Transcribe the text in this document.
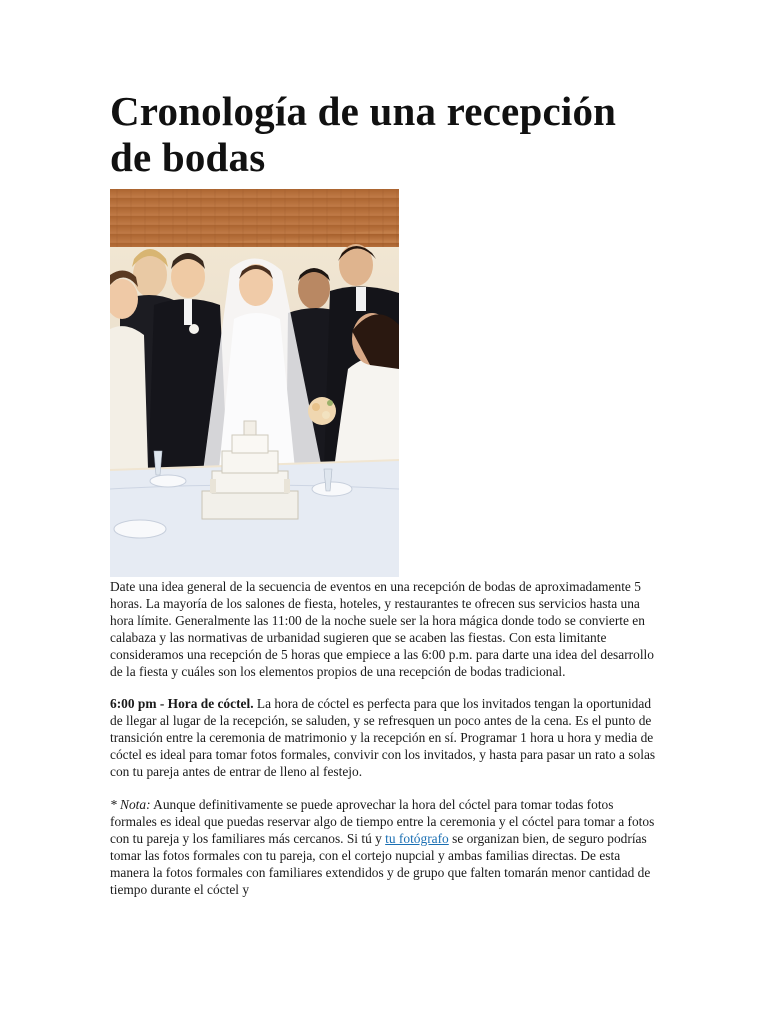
Cronología de una recepción de bodas

Date una idea general de la secuencia de eventos en una recepción de bodas de aproximadamente 5 horas. La mayoría de los salones de fiesta, hoteles, y restaurantes te ofrecen sus servicios hasta una hora límite. Generalmente las 11:00 de la noche suele ser la hora mágica donde todo se convierte en calabaza y las normativas de urbanidad sugieren que se acaben las fiestas. Con esta limitante consideramos una recepción de 5 horas que empiece a las 6:00 p.m. para darte una idea del desarrollo de la fiesta y cuáles son los elementos propios de una recepción de bodas tradicional.

6:00 pm - Hora de cóctel. La hora de cóctel es perfecta para que los invitados tengan la oportunidad de llegar al lugar de la recepción, se saluden, y se refresquen un poco antes de la cena. Es el punto de transición entre la ceremonia de matrimonio y la recepción en sí. Programar 1 hora u hora y media de cóctel es ideal para tomar fotos formales, convivir con los invitados, y hasta para pasar un rato a solas con tu pareja antes de entrar de lleno al festejo.

* Nota: Aunque definitivamente se puede aprovechar la hora del cóctel para tomar todas fotos formales es ideal que puedas reservar algo de tiempo entre la ceremonia y el cóctel para tomar a fotos con tu pareja y los familiares más cercanos. Si tú y tu fotógrafo se organizan bien, de seguro podrías tomar las fotos formales con tu pareja, con el cortejo nupcial y ambas familias directas. De esta manera la fotos formales con familiares extendidos y de grupo que falten tomarán menor cantidad de tiempo durante el cóctel y
